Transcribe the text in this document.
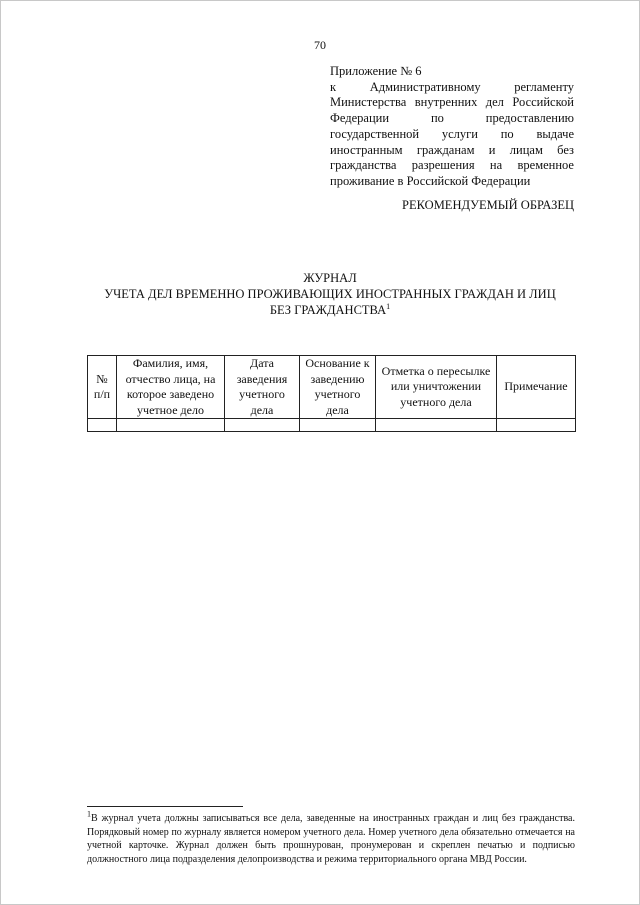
70
Приложение № 6
к Административному регламенту Министерства внутренних дел Российской Федерации по предоставлению государственной услуги по выдаче иностранным гражданам и лицам без гражданства разрешения на временное проживание в Российской Федерации
РЕКОМЕНДУЕМЫЙ ОБРАЗЕЦ
ЖУРНАЛ
УЧЕТА ДЕЛ ВРЕМЕННО ПРОЖИВАЮЩИХ ИНОСТРАННЫХ ГРАЖДАН И ЛИЦ
БЕЗ ГРАЖДАНСТВА$^1$
№ п/п	Фамилия, имя, отчество лица, на которое заведено учетное дело	Дата заведения учетного дела	Основание к заведению учетного дела	Отметка о пересылке или уничтожении учетного дела	Примечание

$^1$В журнал учета должны записываться все дела, заведенные на иностранных граждан и лиц без гражданства. Порядковый номер по журналу является номером учетного дела. Номер учетного дела обязательно отмечается на учетной карточке. Журнал должен быть прошнурован, пронумерован и скреплен печатью и подписью должностного лица подразделения делопроизводства и режима территориального органа МВД России.
